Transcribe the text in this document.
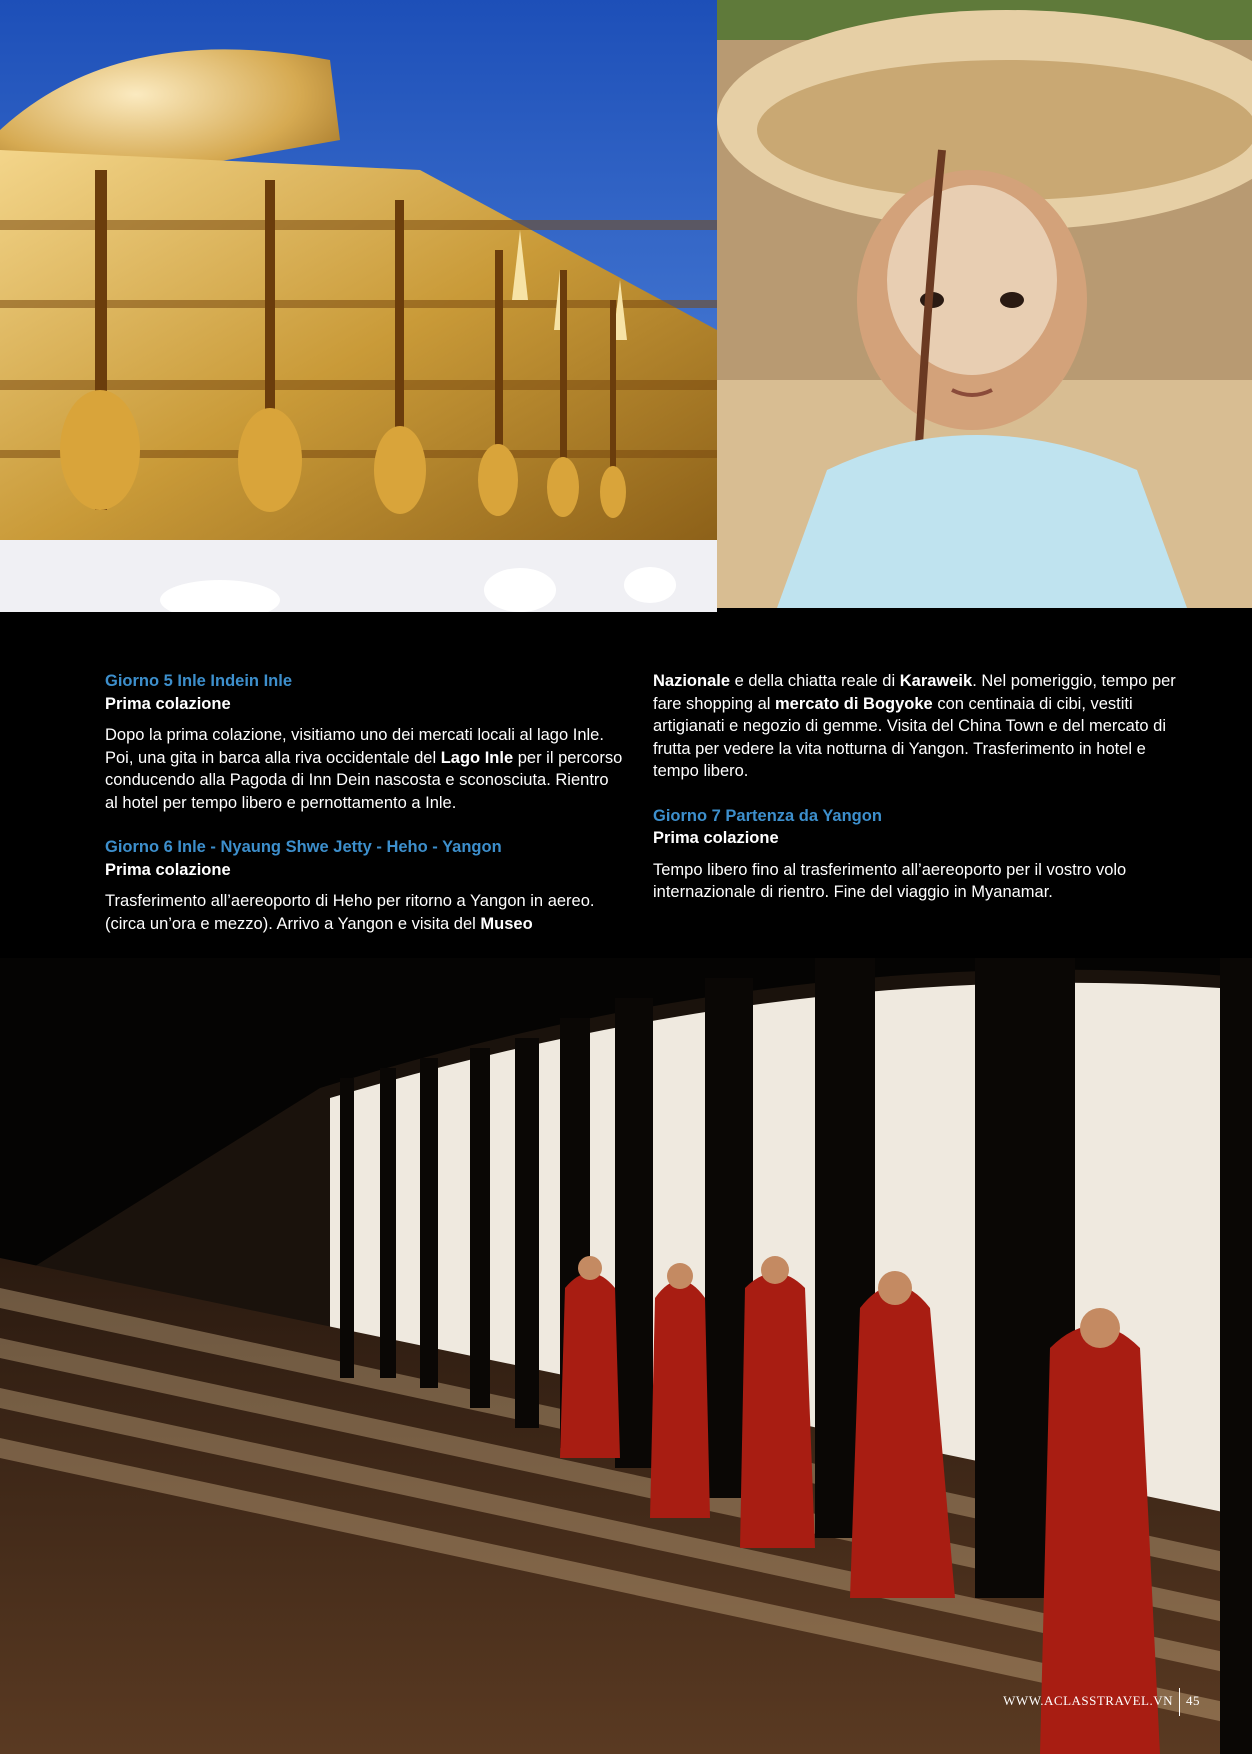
Giorno 5 Inle Indein Inle

Prima colazione

Dopo la prima colazione, visitiamo uno dei mercati locali al lago Inle. Poi, una gita in barca alla riva occidentale del Lago Inle per il percorso conducendo alla Pagoda di Inn Dein nascosta e sconosciuta. Rientro al hotel per tempo libero e pernottamento a Inle.

Giorno 6 Inle - Nyaung Shwe Jetty - Heho - Yangon

Prima colazione

Trasferimento all’aereoporto di Heho per ritorno a Yangon in aereo. (circa un’ora e mezzo). Arrivo a Yangon e visita del Museo

Nazionale e della chiatta reale di Karaweik. Nel pomeriggio, tempo per fare shopping al mercato di Bogyoke con centinaia di cibi, vestiti artigianati e negozio di gemme. Visita del China Town e del mercato di frutta per vedere la vita notturna di Yangon. Trasferimento in hotel e tempo libero.

Giorno 7 Partenza da Yangon

Prima colazione

Tempo libero fino al trasferimento all’aereoporto per il vostro volo internazionale di rientro. Fine del viaggio in Myanamar.

WWW.ACLASSTRAVEL.VN 45
